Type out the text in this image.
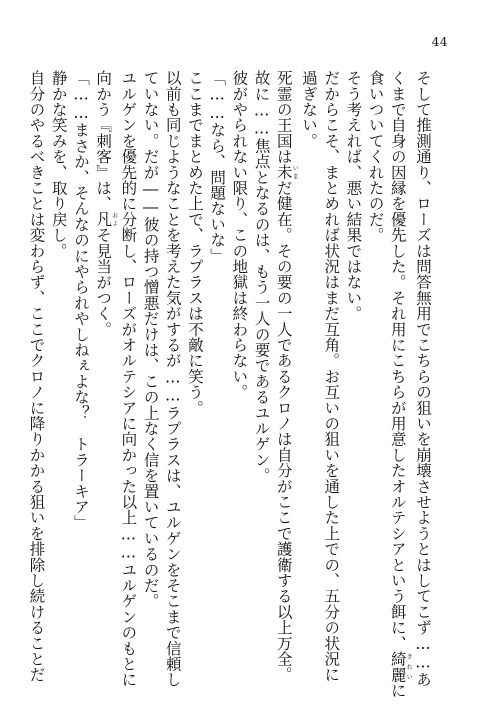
44
そして推測通り、ローズは問答無用でこちらの狙いを崩壊させようとはしてこず……あ
くまで自身の因縁を優先した。それ用にこちらが用意したオルテシアという餌に、綺麗きれいに
食いついてくれたのだ。
そう考えれば、悪い結果ではない。
だからこそ、まとめれば状況はまだ互角。お互いの狙いを通した上での、五分の状況に
過ぎない。
死霊の王国は未いまだ健在。その要の一人であるクロノは自分がここで護衛する以上万全。
故に……焦点となるのは、もう一人の要であるユルゲン。
彼がやられない限り、この地獄は終わらない。
「……なら、問題ないな」
ここまでまとめた上で、ラプラスは不敵に笑う。
以前も同じようなことを考えた気がするが……ラプラスは、ユルゲンをそこまで信頼し
ていない。だが――彼の持つ憎悪だけは、この上なく信を置いているのだ。
ユルゲンを優先的に分断し、ローズがオルテシアに向かった以上……ユルゲンのもとに
向かう『刺客』は、凡およそ見当がつく。
「……まさか、そんなのにやられやしねぇよな？　トラーキア」
静かな笑みを、取り戻し。
自分のやるべきことは変わらず、ここでクロノに降りかかる狙いを排除し続けることだ
